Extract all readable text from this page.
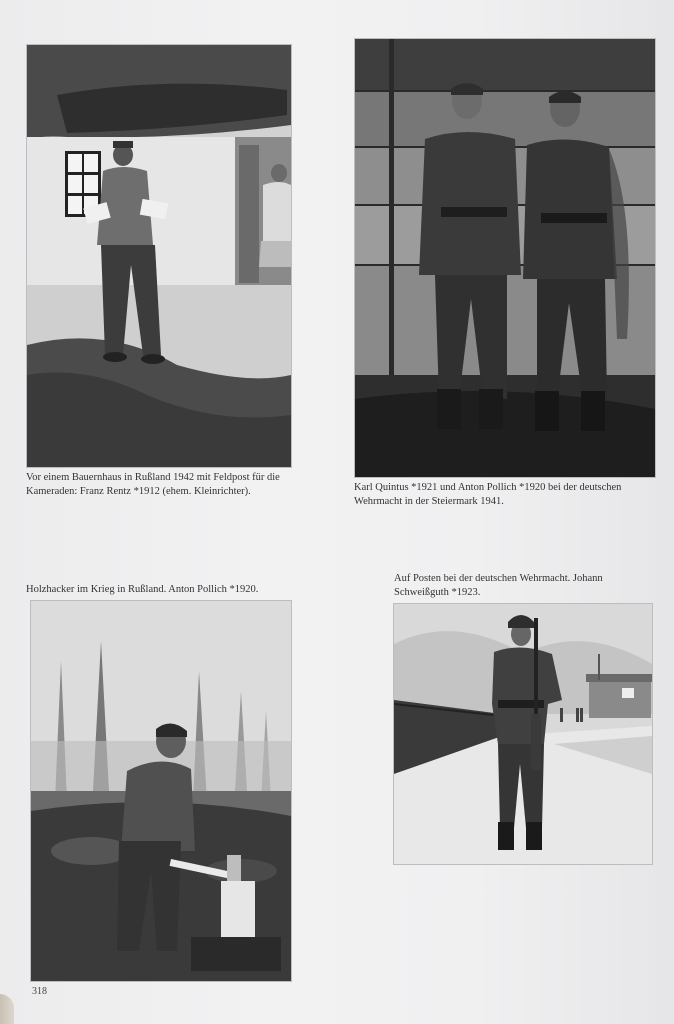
Vor einem Bauernhaus in Rußland 1942 mit Feldpost für die Kameraden: Franz Rentz *1912 (ehem. Kleinrichter).	Karl Quintus *1921 und Anton Pollich *1920 bei der deutschen Wehrmacht in der Steiermark 1941.
Holzhacker im Krieg in Rußland. Anton Pollich *1920.
Auf Posten bei der deutschen Wehrmacht. Johann Schweißguth *1923.
318
